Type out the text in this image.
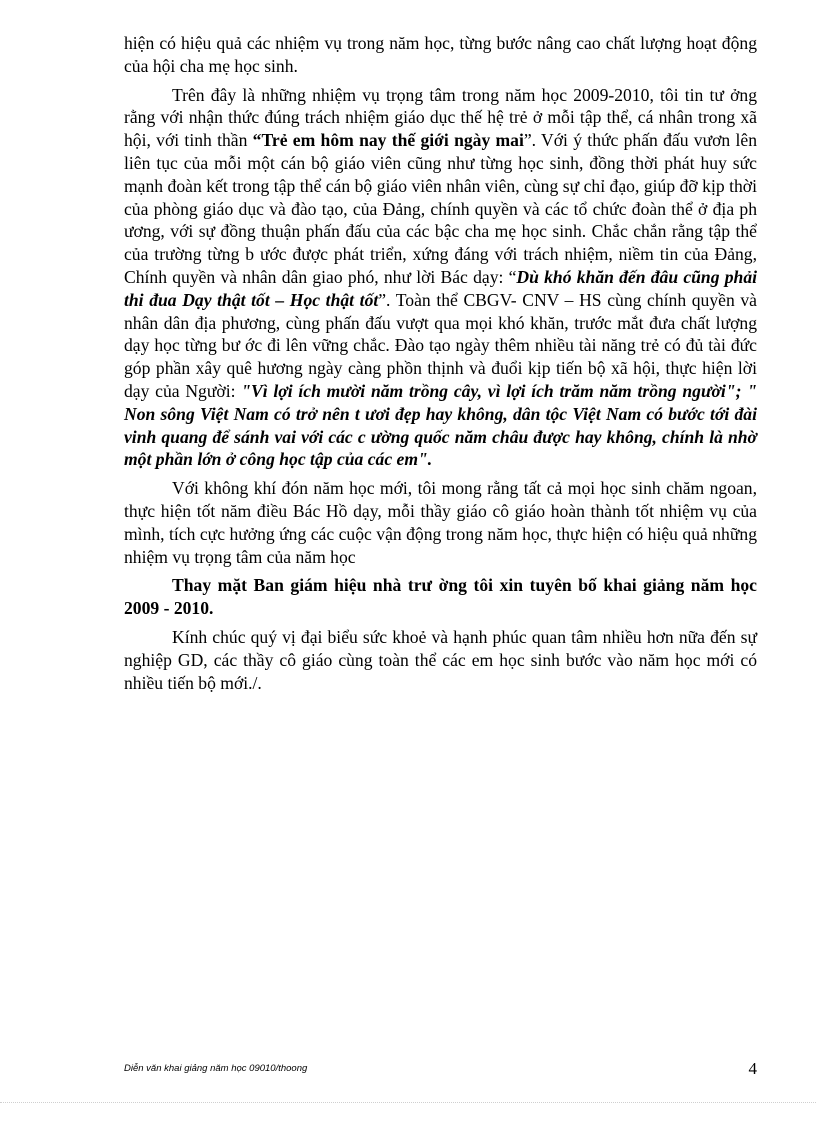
hiện có hiệu quả các nhiệm vụ trong năm học, từng bước nâng cao chất lượng hoạt động của hội cha mẹ học sinh.

Trên đây là những nhiệm vụ trọng tâm trong năm học 2009-2010, tôi tin tư ởng rằng với nhận thức đúng trách nhiệm giáo dục thế hệ trẻ ở mỗi tập thể, cá nhân trong xã hội, với tinh thần “Trẻ em hôm nay thế giới ngày mai”. Với ý thức phấn đấu vươn lên liên tục của mỗi một cán bộ giáo viên cũng như từng học sinh, đồng thời phát huy sức mạnh đoàn kết trong tập thể cán bộ giáo viên nhân viên, cùng sự chỉ đạo, giúp đỡ kịp thời của phòng giáo dục và đào tạo, của Đảng, chính quyền và các tổ chức đoàn thể ở địa ph ương, với sự đồng thuận phấn đấu của các bậc cha mẹ học sinh. Chắc chắn rằng tập thể của trường từng b ước được phát triển, xứng đáng với trách nhiệm, niềm tin của Đảng, Chính quyền và nhân dân giao phó, như lời Bác dạy: “Dù khó khăn đến đâu cũng phải thi đua Dạy thật tốt – Học thật tốt”. Toàn thể CBGV- CNV – HS cùng chính quyền và nhân dân địa phương, cùng phấn đấu vượt qua mọi khó khăn, trước mắt đưa chất lượng dạy học từng bư ớc đi lên vững chắc. Đào tạo ngày thêm nhiều tài năng trẻ có đủ tài đức góp phần xây quê hương ngày càng phồn thịnh và đuổi kịp tiến bộ xã hội, thực hiện lời dạy của Người: "Vì lợi ích mười năm trồng cây, vì lợi ích trăm năm trồng người"; " Non sông Việt Nam có trở nên t ươi đẹp hay không, dân tộc Việt Nam có bước tới đài vinh quang để sánh vai với các c ường quốc năm châu được hay không, chính là nhờ một phần lớn ở công học tập của các em".

Với không khí đón năm học mới, tôi mong rằng tất cả mọi học sinh chăm ngoan, thực hiện tốt năm điều Bác Hồ dạy, mỗi thầy giáo cô giáo hoàn thành tốt nhiệm vụ của mình, tích cực hưởng ứng các cuộc vận động trong năm học, thực hiện có hiệu quả những nhiệm vụ trọng tâm của năm học

Thay mặt Ban giám hiệu nhà trư ờng tôi xin tuyên bố khai giảng năm học 2009 - 2010.

Kính chúc quý vị đại biểu sức khoẻ và hạnh phúc quan tâm nhiều hơn nữa đến sự nghiệp GD, các thầy cô giáo cùng toàn thể các em học sinh bước vào năm học mới có nhiều tiến bộ mới./.

Diễn văn khai giảng năm học 09010/thoong	4
